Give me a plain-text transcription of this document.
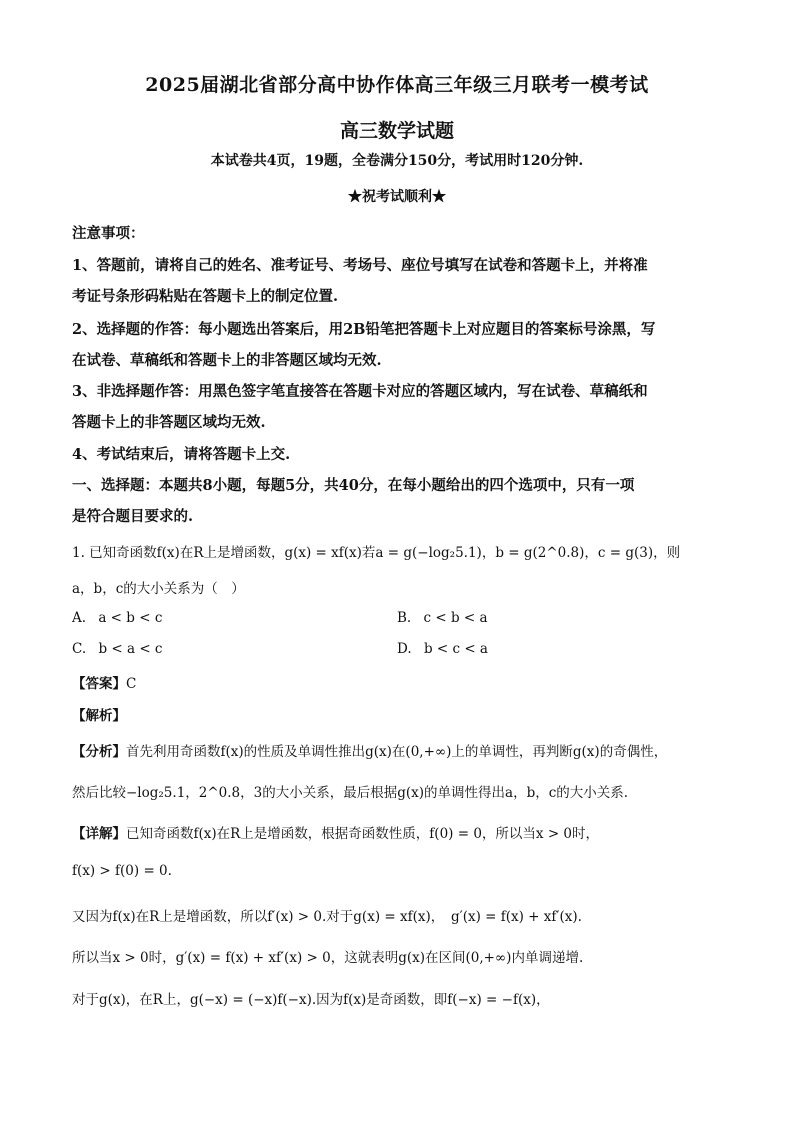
2025届湖北省部分高中协作体高三年级三月联考一模考试
高三数学试题
本试卷共4页，19题，全卷满分150分，考试用时120分钟.
★祝考试顺利★
注意事项：
1、答题前，请将自己的姓名、准考证号、考场号、座位号填写在试卷和答题卡上，并将准
考证号条形码粘贴在答题卡上的制定位置.
2、选择题的作答：每小题选出答案后，用2B铅笔把答题卡上对应题目的答案标号涂黑，写
在试卷、草稿纸和答题卡上的非答题区域均无效.
3、非选择题作答：用黑色签字笔直接答在答题卡对应的答题区域内，写在试卷、草稿纸和
答题卡上的非答题区域均无效.
4、考试结束后，请将答题卡上交.
一、选择题：本题共8小题，每题5分，共40分，在每小题给出的四个选项中，只有一项
是符合题目要求的.
1. 已知奇函数f(x)在R上是增函数，g(x) = xf(x)若a = g(−log₂5.1)，b = g(2^0.8)，c = g(3)，则
a，b，c的大小关系为（　）
A. a < b < c	B. c < b < a
C. b < a < c	D. b < c < a
【答案】C
【解析】
【分析】首先利用奇函数f(x)的性质及单调性推出g(x)在(0,+∞)上的单调性，再判断g(x)的奇偶性，
然后比较−log₂5.1，2^0.8，3的大小关系，最后根据g(x)的单调性得出a，b，c的大小关系.
【详解】已知奇函数f(x)在R上是增函数，根据奇函数性质，f(0) = 0，所以当x > 0时，
f(x) > f(0) = 0.
又因为f(x)在R上是增函数，所以f′(x) > 0.对于g(x) = xf(x)，　g′(x) = f(x) + xf′(x).
所以当x > 0时，g′(x) = f(x) + xf′(x) > 0，这就表明g(x)在区间(0,+∞)内单调递增.
对于g(x)，在R上，g(−x) = (−x)f(−x).因为f(x)是奇函数，即f(−x) = −f(x)，
